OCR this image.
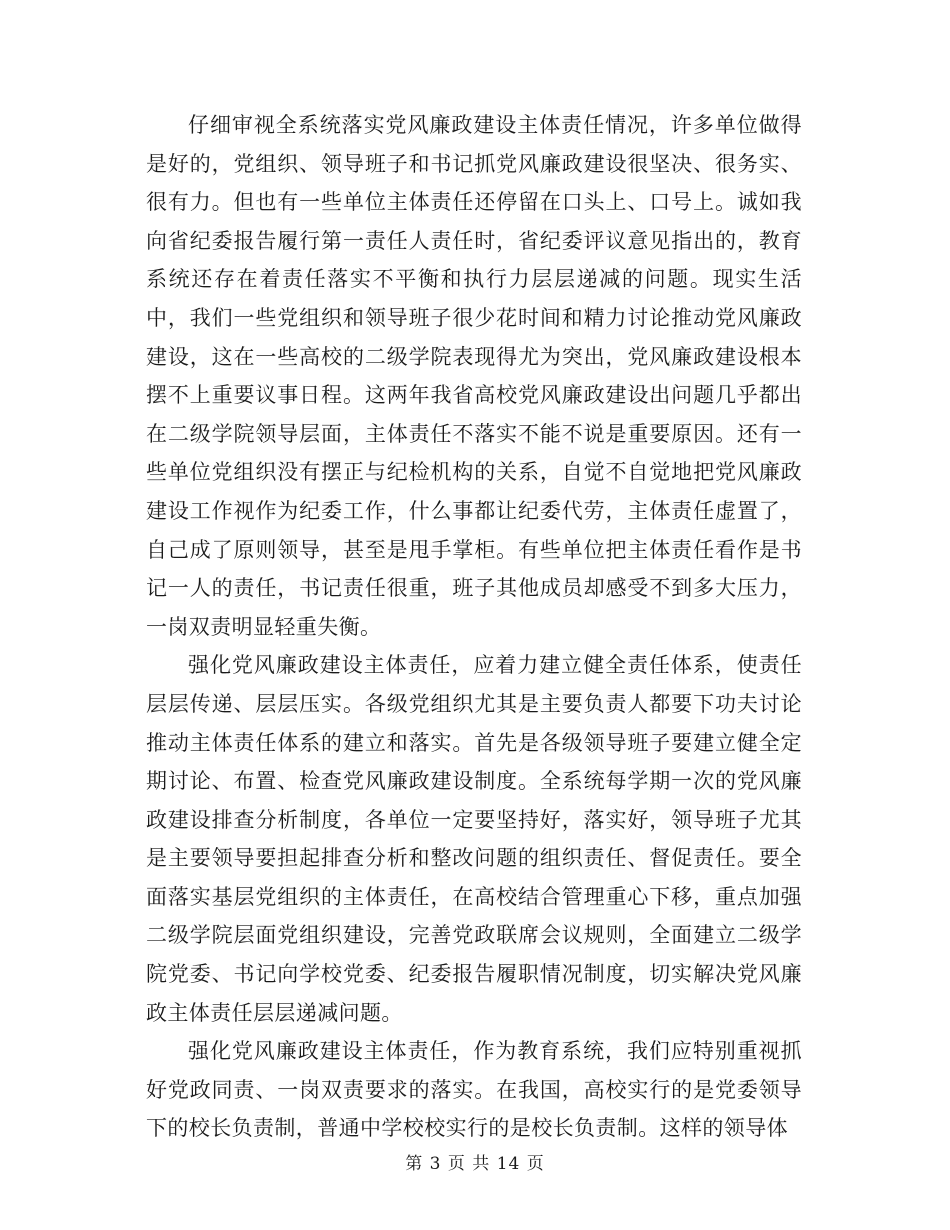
仔细审视全系统落实党风廉政建设主体责任情况，许多单位做得是好的，党组织、领导班子和书记抓党风廉政建设很坚决、很务实、很有力。但也有一些单位主体责任还停留在口头上、口号上。诚如我向省纪委报告履行第一责任人责任时，省纪委评议意见指出的，教育系统还存在着责任落实不平衡和执行力层层递减的问题。现实生活中，我们一些党组织和领导班子很少花时间和精力讨论推动党风廉政建设，这在一些高校的二级学院表现得尤为突出，党风廉政建设根本摆不上重要议事日程。这两年我省高校党风廉政建设出问题几乎都出在二级学院领导层面，主体责任不落实不能不说是重要原因。还有一些单位党组织没有摆正与纪检机构的关系，自觉不自觉地把党风廉政建设工作视作为纪委工作，什么事都让纪委代劳，主体责任虚置了，自己成了原则领导，甚至是甩手掌柜。有些单位把主体责任看作是书记一人的责任，书记责任很重，班子其他成员却感受不到多大压力，一岗双责明显轻重失衡。

强化党风廉政建设主体责任，应着力建立健全责任体系，使责任层层传递、层层压实。各级党组织尤其是主要负责人都要下功夫讨论推动主体责任体系的建立和落实。首先是各级领导班子要建立健全定期讨论、布置、检查党风廉政建设制度。全系统每学期一次的党风廉政建设排查分析制度，各单位一定要坚持好，落实好，领导班子尤其是主要领导要担起排查分析和整改问题的组织责任、督促责任。要全面落实基层党组织的主体责任，在高校结合管理重心下移，重点加强二级学院层面党组织建设，完善党政联席会议规则，全面建立二级学院党委、书记向学校党委、纪委报告履职情况制度，切实解决党风廉政主体责任层层递减问题。

强化党风廉政建设主体责任，作为教育系统，我们应特别重视抓好党政同责、一岗双责要求的落实。在我国，高校实行的是党委领导下的校长负责制，普通中学校校实行的是校长负责制。这样的领导体

第 3 页 共 14 页
